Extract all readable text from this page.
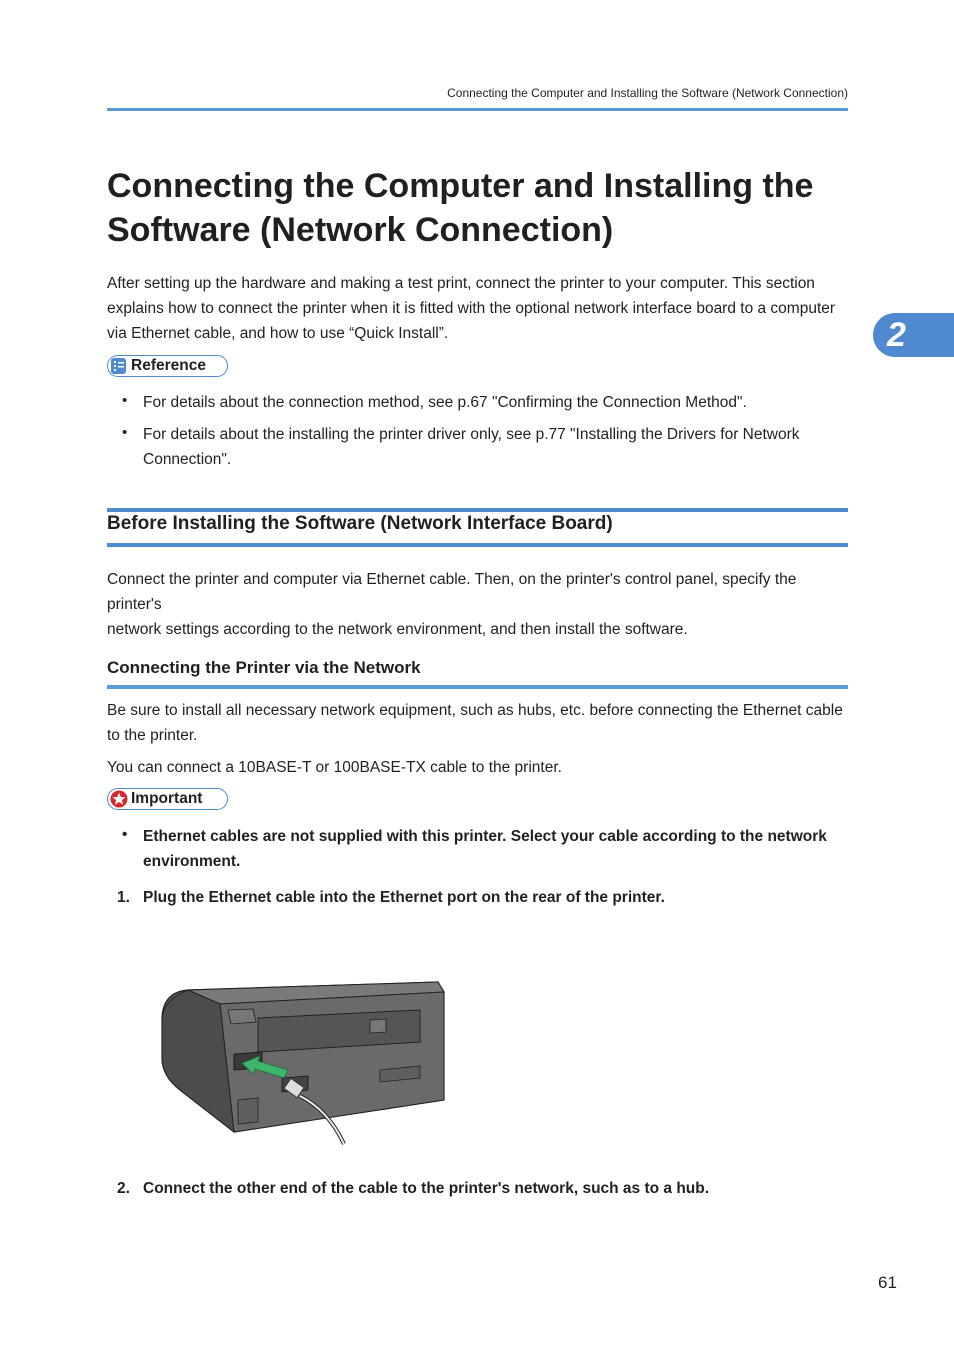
Connecting the Computer and Installing the Software (Network Connection)
2
Connecting the Computer and Installing the
Software (Network Connection)
After setting up the hardware and making a test print, connect the printer to your computer. This section
explains how to connect the printer when it is fitted with the optional network interface board to a computer
via Ethernet cable, and how to use “Quick Install”.
Reference
• For details about the connection method, see p.67 "Confirming the Connection Method".
• For details about the installing the printer driver only, see p.77 "Installing the Drivers for Network
Connection".
Before Installing the Software (Network Interface Board)
Connect the printer and computer via Ethernet cable. Then, on the printer's control panel, specify the printer's
network settings according to the network environment, and then install the software.
Connecting the Printer via the Network
Be sure to install all necessary network equipment, such as hubs, etc. before connecting the Ethernet cable
to the printer.
You can connect a 10BASE-T or 100BASE-TX cable to the printer.
Important
• Ethernet cables are not supplied with this printer. Select your cable according to the network
environment.
1. Plug the Ethernet cable into the Ethernet port on the rear of the printer.
2. Connect the other end of the cable to the printer's network, such as to a hub.
61
